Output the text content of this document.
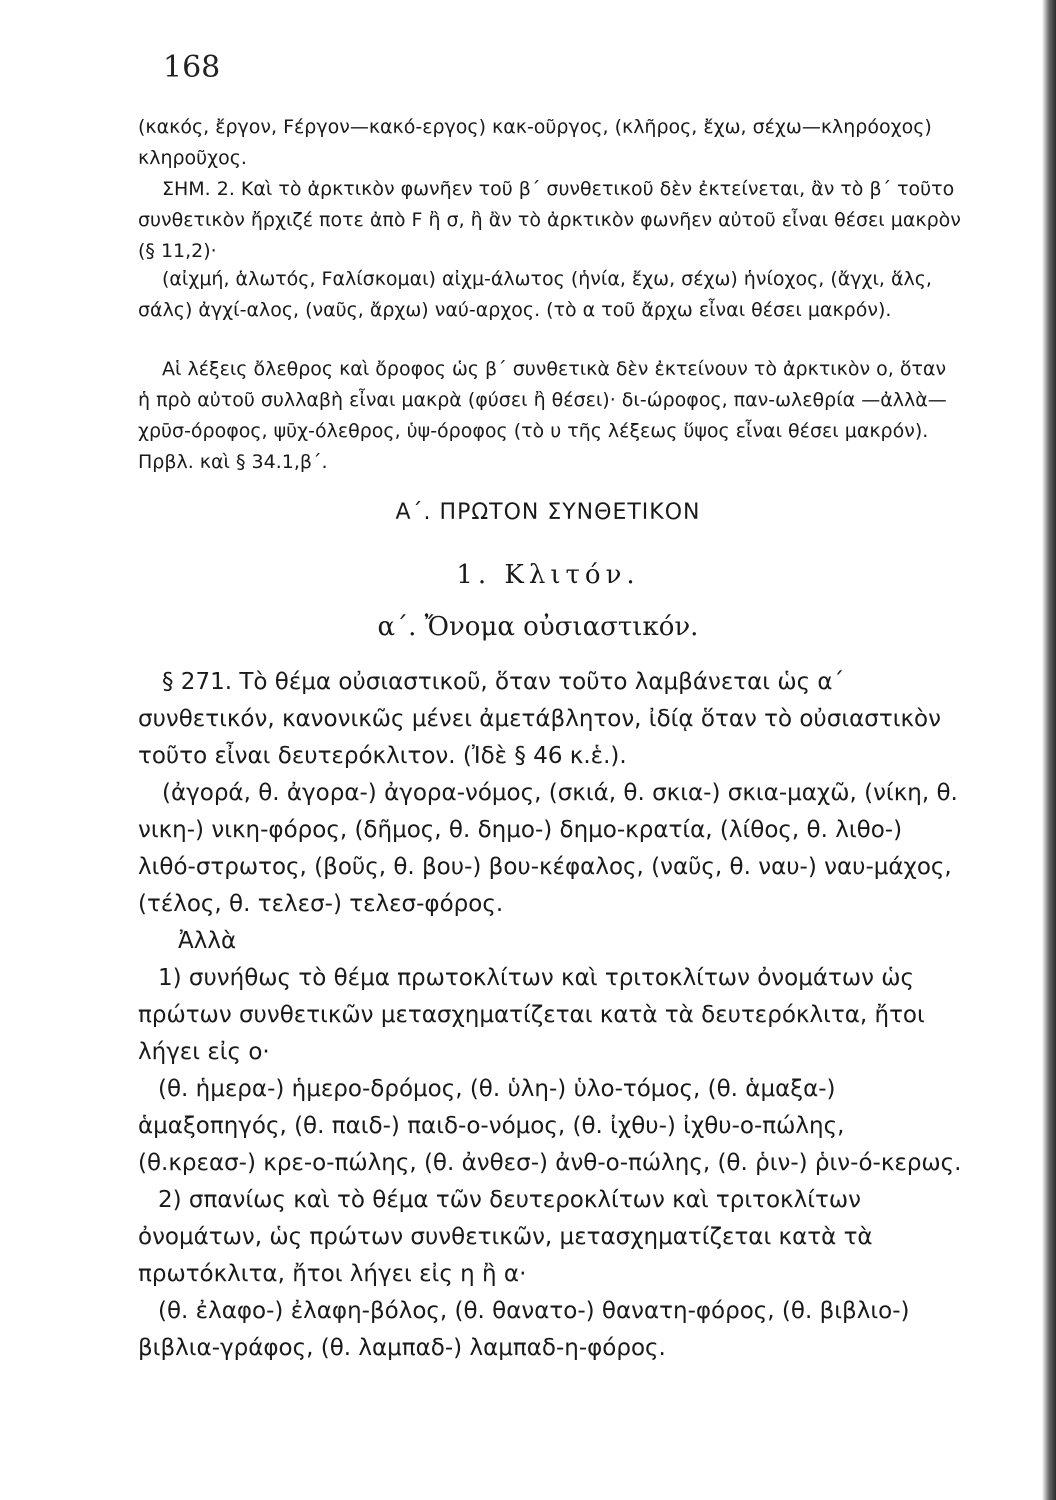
168

(κακός, ἔργον, Fέργον—κακό-εργος) κακ-οῦργος, (κλῆρος, ἔχω, σέχω—κληρόοχος) κληροῦχος.

ΣΗΜ. 2. Καὶ τὸ ἀρκτικὸν φωνῆεν τοῦ β΄ συνθετικοῦ δὲν ἐκτείνεται, ἂν τὸ β΄ τοῦτο συνθετικὸν ἤρχιζέ ποτε ἀπὸ F ἢ σ, ἢ ἂν τὸ ἀρκτικὸν φωνῆεν αὐτοῦ εἶναι θέσει μακρὸν (§ 11,2)·

(αἰχμή, ἁλωτός, Fαλίσκομαι) αἰχμ-άλωτος (ἡνία, ἔχω, σέχω) ἡνίοχος, (ἄγχι, ἅλς, σάλς) ἀγχί-αλος, (ναῦς, ἄρχω) ναύ-αρχος. (τὸ α τοῦ ἄρχω εἶναι θέσει μακρόν).

Αἱ λέξεις ὄλεθρος καὶ ὄροφος ὡς β΄ συνθετικὰ δὲν ἐκτείνουν τὸ ἀρκτικὸν ο, ὅταν ἡ πρὸ αὐτοῦ συλλαβὴ εἶναι μακρὰ (φύσει ἢ θέσει)· δι-ώροφος, παν-ωλεθρία —ἀλλὰ— χρῡσ-όροφος, ψῡχ-όλεθρος, ὑψ-όροφος (τὸ υ τῆς λέξεως ὕψος εἶναι θέσει μακρόν). Πρβλ. καὶ § 34.1,β΄.

Α΄. ΠΡΩΤΟΝ ΣΥΝΘΕΤΙΚΟΝ
1. Κλιτόν.
α΄. Ὄνομα οὐσιαστικόν.

§ 271. Τὸ θέμα οὐσιαστικοῦ, ὅταν τοῦτο λαμβάνεται ὡς α΄ συνθετικόν, κανονικῶς μένει ἀμετάβλητον, ἰδίᾳ ὅταν τὸ οὐσιαστικὸν τοῦτο εἶναι δευτερόκλιτον. (Ἰδὲ § 46 κ.ἑ.).

(ἀγορά, θ. ἀγορα-) ἀγορα-νόμος, (σκιά, θ. σκια-) σκια-μαχῶ, (νίκη, θ. νικη-) νικη-φόρος, (δῆμος, θ. δημο-) δημο-κρατία, (λίθος, θ. λιθο-) λιθό-στρωτος, (βοῦς, θ. βου-) βου-κέφαλος, (ναῦς, θ. ναυ-) ναυ-μάχος, (τέλος, θ. τελεσ-) τελεσ-φόρος.

Ἀλλὰ

1) συνήθως τὸ θέμα πρωτοκλίτων καὶ τριτοκλίτων ὀνομάτων ὡς πρώτων συνθετικῶν μετασχηματίζεται κατὰ τὰ δευτερόκλιτα, ἤτοι λήγει εἰς ο·

(θ. ἡμερα-) ἡμερο-δρόμος, (θ. ὑλη-) ὑλο-τόμος, (θ. ἁμαξα-) ἁμαξοπηγός, (θ. παιδ-) παιδ-ο-νόμος, (θ. ἰχθυ-) ἰχθυ-ο-πώλης, (θ.κρεασ-) κρε-ο-πώλης, (θ. ἀνθεσ-) ἀνθ-ο-πώλης, (θ. ῥιν-) ῥιν-ό-κερως.

2) σπανίως καὶ τὸ θέμα τῶν δευτεροκλίτων καὶ τριτοκλίτων ὀνομάτων, ὡς πρώτων συνθετικῶν, μετασχηματίζεται κατὰ τὰ πρωτόκλιτα, ἤτοι λήγει εἰς η ἢ α·

(θ. ἐλαφο-) ἐλαφη-βόλος, (θ. θανατο-) θανατη-φόρος, (θ. βιβλιο-) βιβλια-γράφος, (θ. λαμπαδ-) λαμπαδ-η-φόρος.
